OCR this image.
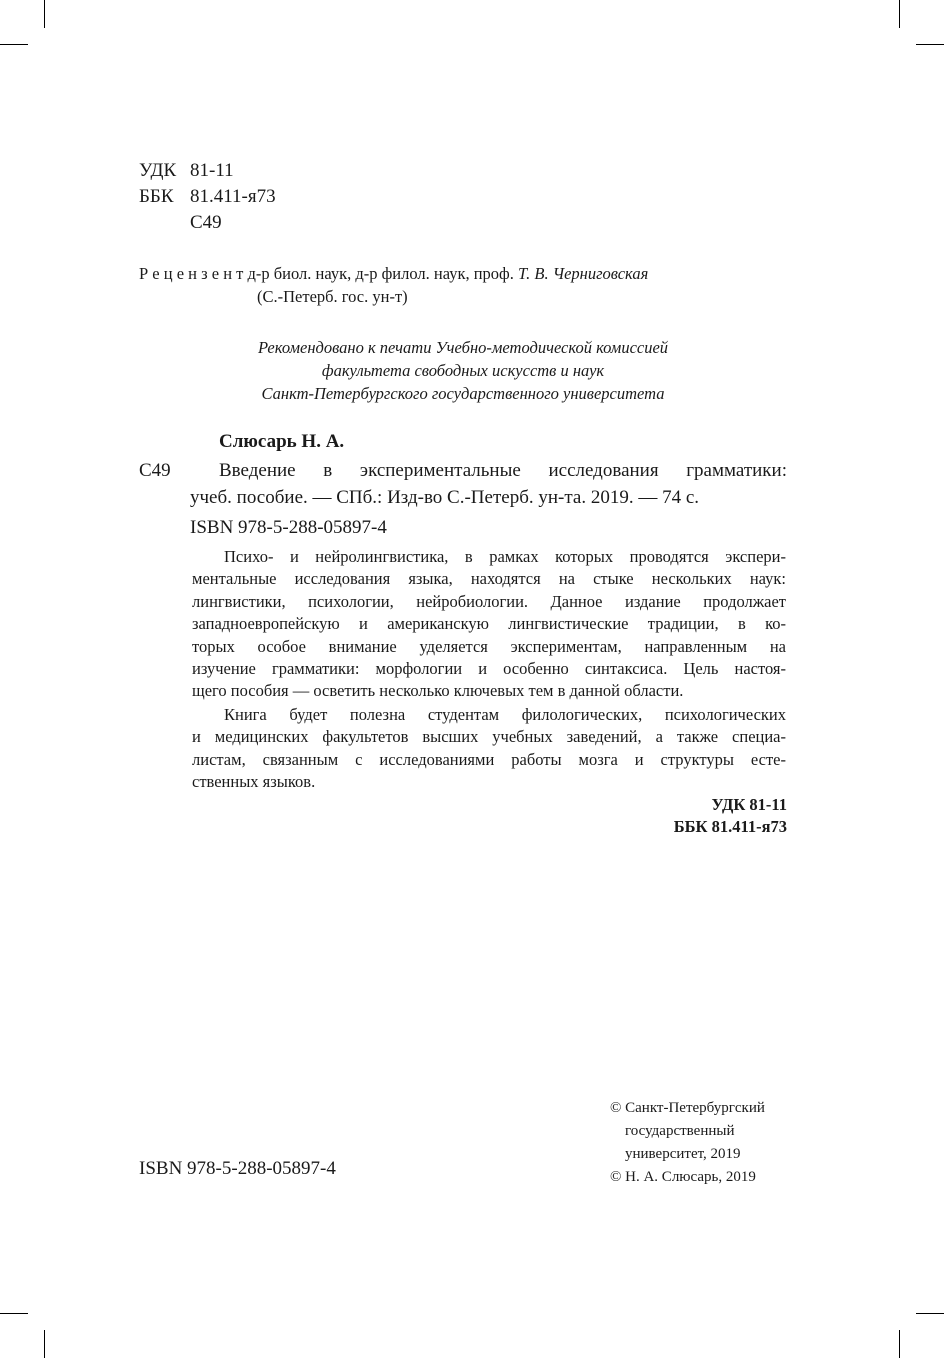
УДК 81-11
ББК 81.411-я73
С49
Р е ц е н з е н т д-р биол. наук, д-р филол. наук, проф. Т. В. Черниговская
(С.-Петерб. гос. ун-т)
Рекомендовано к печати Учебно-методической комиссией
факультета свободных искусств и наук
Санкт-Петербургского государственного университета
Слюсарь Н. А.
С49	Введение в экспериментальные исследования грамматики:
учеб. пособие. — СПб.: Изд-во С.-Петерб. ун-та. 2019. — 74 с.
ISBN 978-5-288-05897-4
Психо- и нейролингвистика, в рамках которых проводятся экспери-
ментальные исследования языка, находятся на стыке нескольких наук:
лингвистики, психологии, нейробиологии. Данное издание продолжает
западноевропейскую и американскую лингвистические традиции, в ко-
торых особое внимание уделяется экспериментам, направленным на
изучение грамматики: морфологии и особенно синтаксиса. Цель настоя-
щего пособия — осветить несколько ключевых тем в данной области.
Книга будет полезна студентам филологических, психологических
и медицинских факультетов высших учебных заведений, а также специа-
листам, связанным с исследованиями работы мозга и структуры есте-
ственных языков.
УДК 81-11
ББК 81.411-я73
ISBN 978-5-288-05897-4
© Санкт-Петербургский
государственный
университет, 2019
© Н. А. Слюсарь, 2019
